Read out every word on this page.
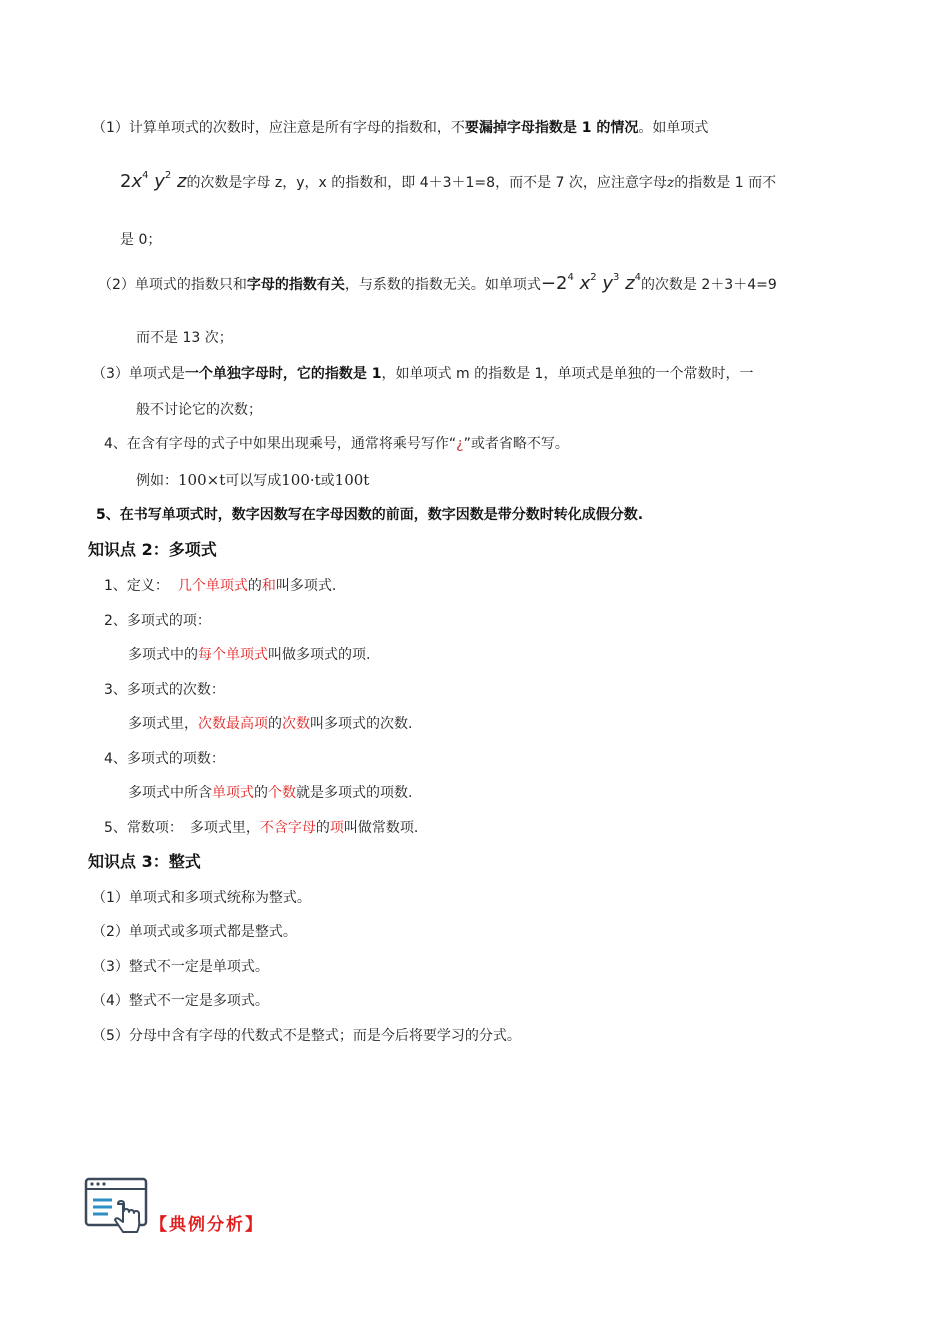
（1）计算单项式的次数时，应注意是所有字母的指数和，不要漏掉字母指数是 1 的情况。如单项式
$2x^4$ $y^2$ z的次数是字母 z，y，x 的指数和，即 4＋3＋1=8，而不是 7 次，应注意字母z的指数是 1 而不
是 0；
（2）单项式的指数只和字母的指数有关，与系数的指数无关。如单项式$-2^4$ $x^2$ $y^3$ $z^4$的次数是 2＋3＋4=9
而不是 13 次；
（3）单项式是一个单独字母时，它的指数是 1，如单项式 m 的指数是 1，单项式是单独的一个常数时，一
般不讨论它的次数；
4、在含有字母的式子中如果出现乘号，通常将乘号写作“¿”或者省略不写。
例如：100×t可以写成100·t或100t
5、在书写单项式时，数字因数写在字母因数的前面，数字因数是带分数时转化成假分数.
知识点 2：多项式
1、定义： 几个单项式的和叫多项式.
2、多项式的项：
多项式中的每个单项式叫做多项式的项.
3、多项式的次数：
多项式里，次数最高项的次数叫多项式的次数.
4、多项式的项数：
多项式中所含单项式的个数就是多项式的项数.
5、常数项：　多项式里，不含字母的项叫做常数项.
知识点 3：整式
（1）单项式和多项式统称为整式。
（2）单项式或多项式都是整式。
（3）整式不一定是单项式。
（4）整式不一定是多项式。
（5）分母中含有字母的代数式不是整式；而是今后将要学习的分式。
【典例分析】
